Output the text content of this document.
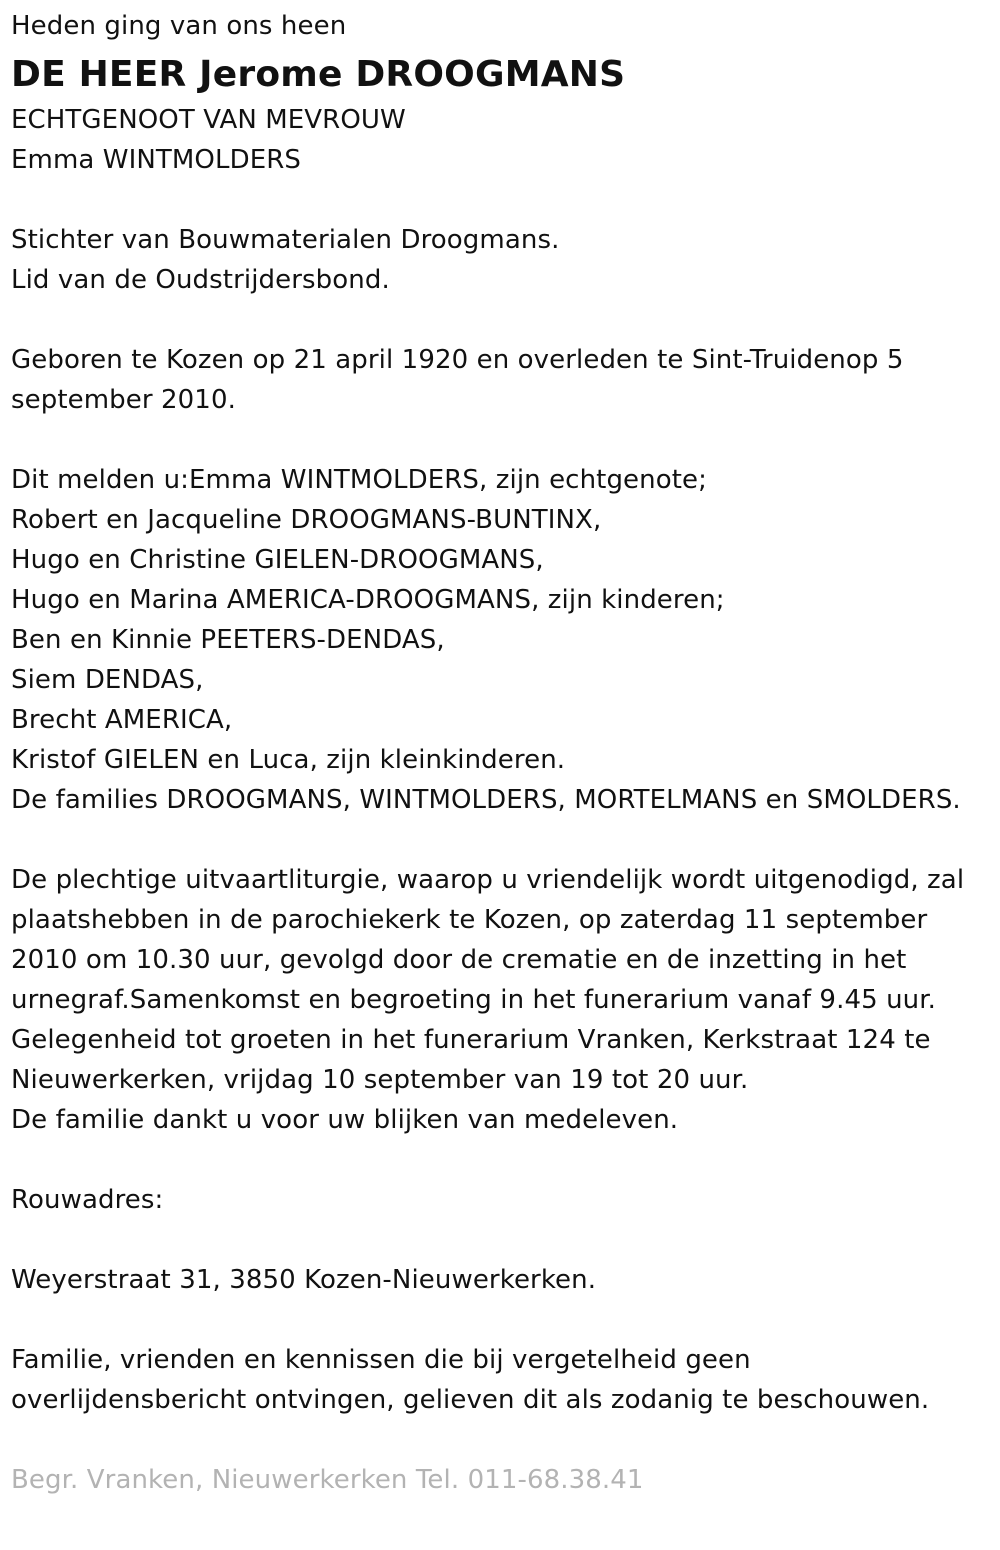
Heden ging van ons heen
DE HEER Jerome DROOGMANS
ECHTGENOOT VAN MEVROUW
Emma WINTMOLDERS
Stichter van Bouwmaterialen Droogmans.
Lid van de Oudstrijdersbond.
Geboren te Kozen op 21 april 1920 en overleden te Sint-Truidenop 5
september 2010.
Dit melden u:Emma WINTMOLDERS, zijn echtgenote;
Robert en Jacqueline DROOGMANS-BUNTINX,
Hugo en Christine GIELEN-DROOGMANS,
Hugo en Marina AMERICA-DROOGMANS, zijn kinderen;
Ben en Kinnie PEETERS-DENDAS,
Siem DENDAS,
Brecht AMERICA,
Kristof GIELEN en Luca, zijn kleinkinderen.
De families DROOGMANS, WINTMOLDERS, MORTELMANS en SMOLDERS.
De plechtige uitvaartliturgie, waarop u vriendelijk wordt uitgenodigd, zal
plaatshebben in de parochiekerk te Kozen, op zaterdag 11 september
2010 om 10.30 uur, gevolgd door de crematie en de inzetting in het
urnegraf.Samenkomst en begroeting in het funerarium vanaf 9.45 uur.
Gelegenheid tot groeten in het funerarium Vranken, Kerkstraat 124 te
Nieuwerkerken, vrijdag 10 september van 19 tot 20 uur.
De familie dankt u voor uw blijken van medeleven.
Rouwadres:
Weyerstraat 31, 3850 Kozen-Nieuwerkerken.
Familie, vrienden en kennissen die bij vergetelheid geen
overlijdensbericht ontvingen, gelieven dit als zodanig te beschouwen.
Begr. Vranken, Nieuwerkerken Tel. 011-68.38.41
